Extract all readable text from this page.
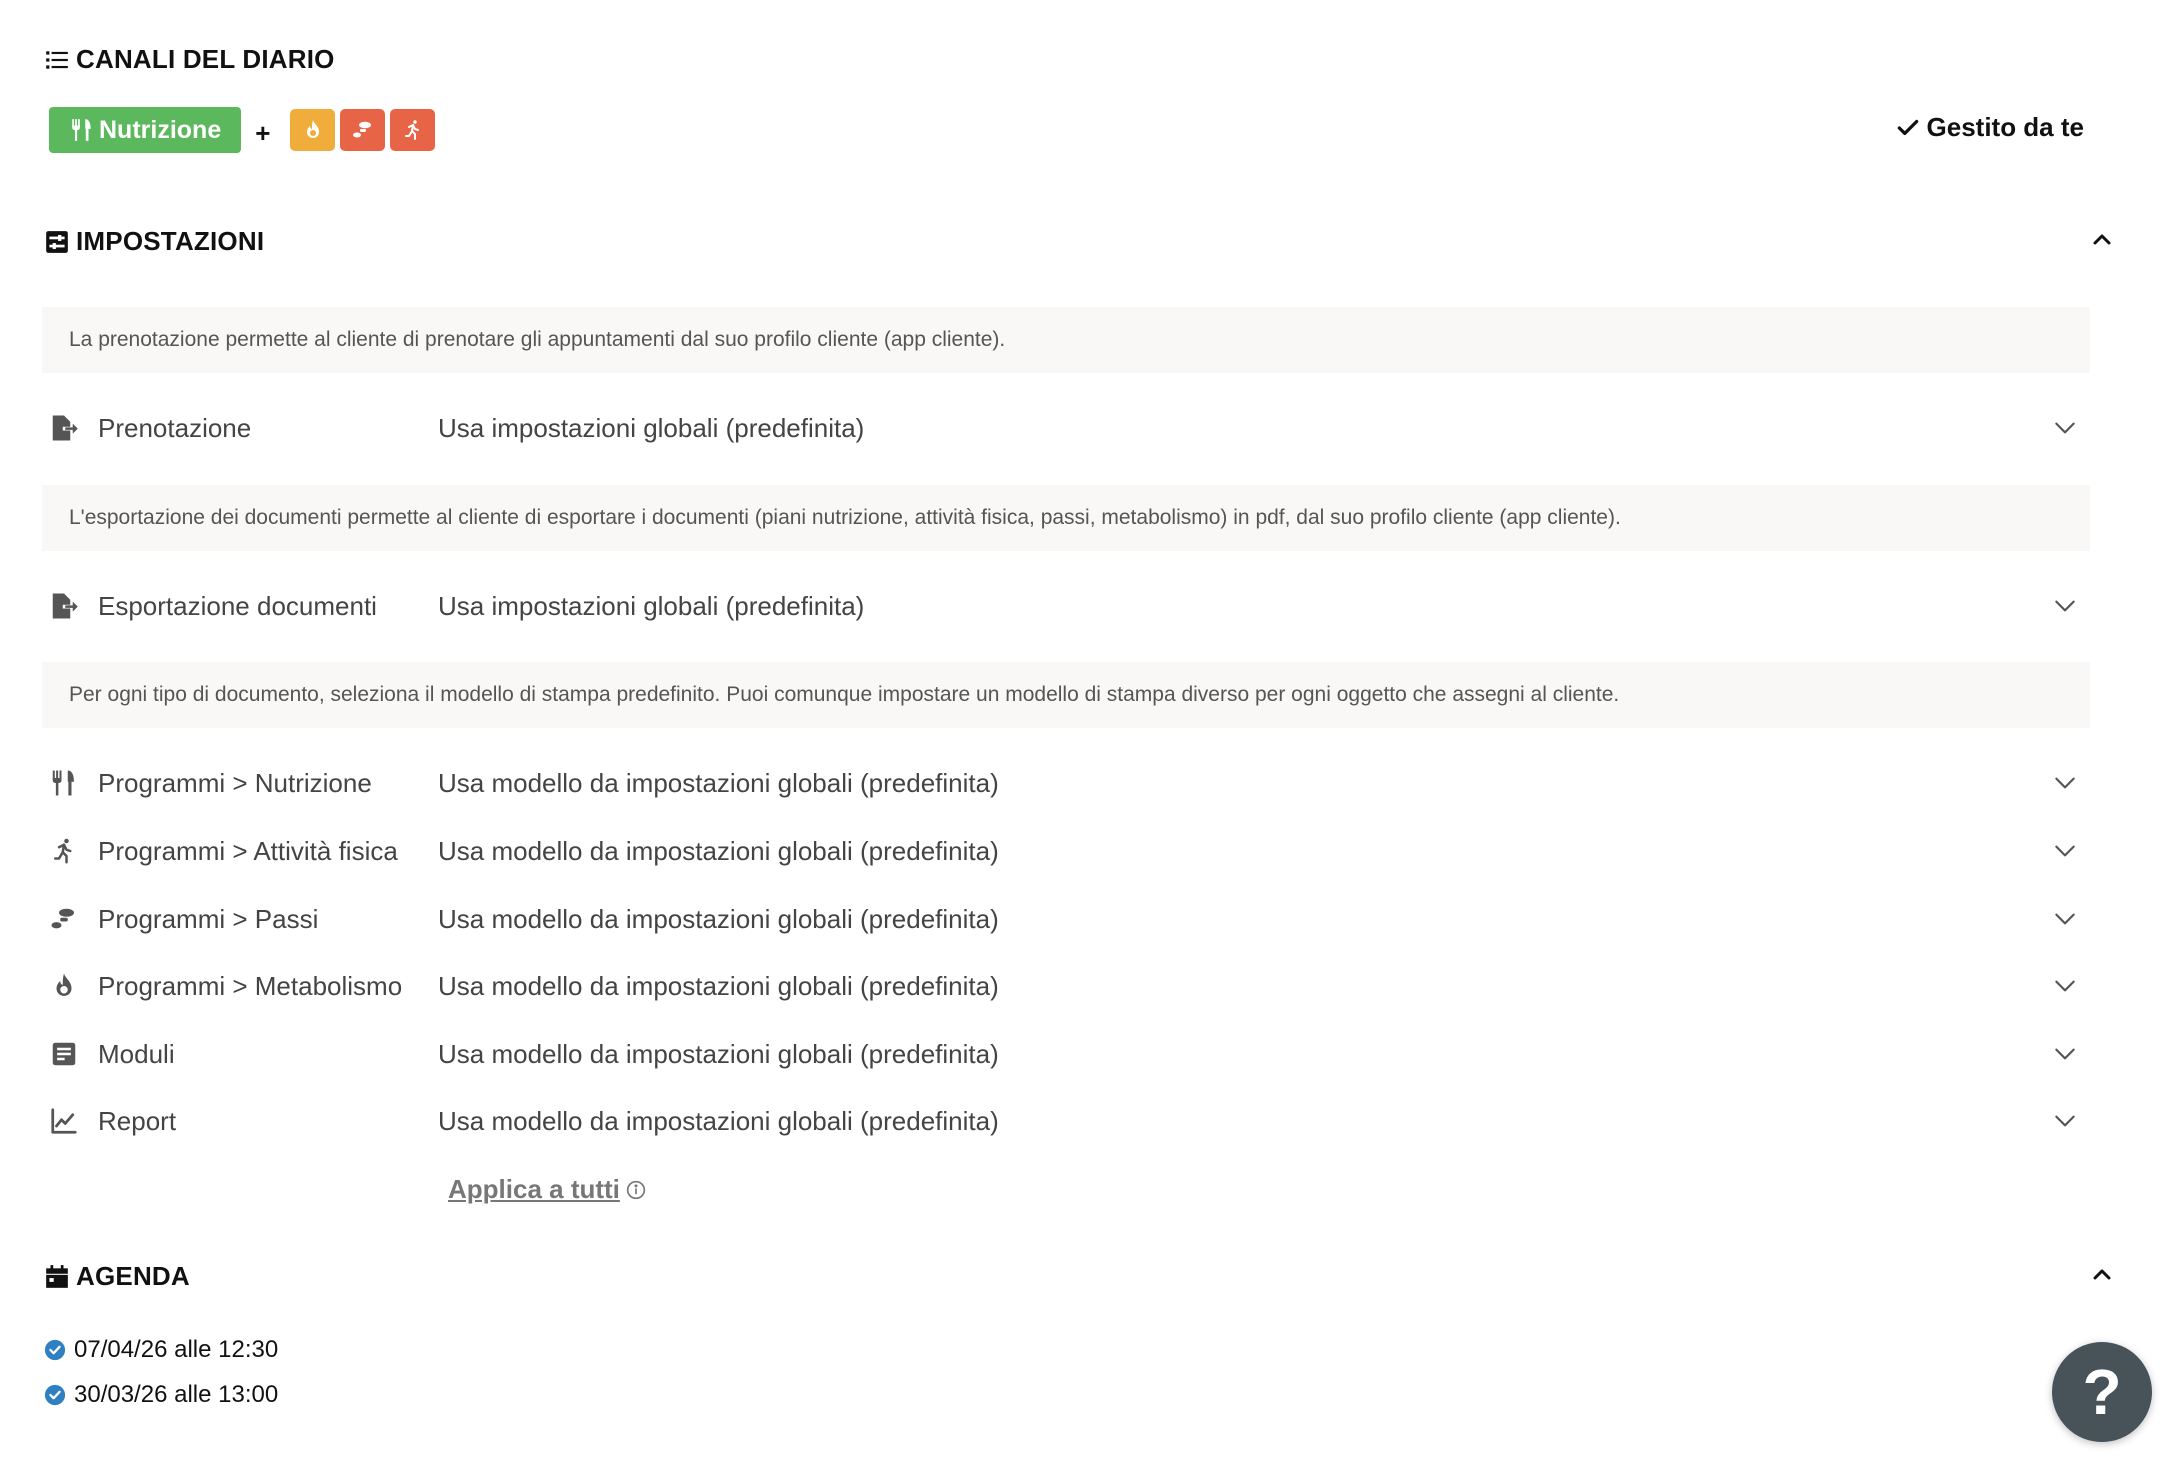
CANALI DEL DIARIO
Nutrizione +	Gestito da te
IMPOSTAZIONI
La prenotazione permette al cliente di prenotare gli appuntamenti dal suo profilo cliente (app cliente).
Prenotazione	Usa impostazioni globali (predefinita)
L'esportazione dei documenti permette al cliente di esportare i documenti (piani nutrizione, attività fisica, passi, metabolismo) in pdf, dal suo profilo cliente (app cliente).
Esportazione documenti	Usa impostazioni globali (predefinita)
Per ogni tipo di documento, seleziona il modello di stampa predefinito. Puoi comunque impostare un modello di stampa diverso per ogni oggetto che assegni al cliente.
Programmi > Nutrizione	Usa modello da impostazioni globali (predefinita)
Programmi > Attività fisica	Usa modello da impostazioni globali (predefinita)
Programmi > Passi	Usa modello da impostazioni globali (predefinita)
Programmi > Metabolismo	Usa modello da impostazioni globali (predefinita)
Moduli	Usa modello da impostazioni globali (predefinita)
Report	Usa modello da impostazioni globali (predefinita)
Applica a tutti
AGENDA
07/04/26 alle 12:30
30/03/26 alle 13:00	?
